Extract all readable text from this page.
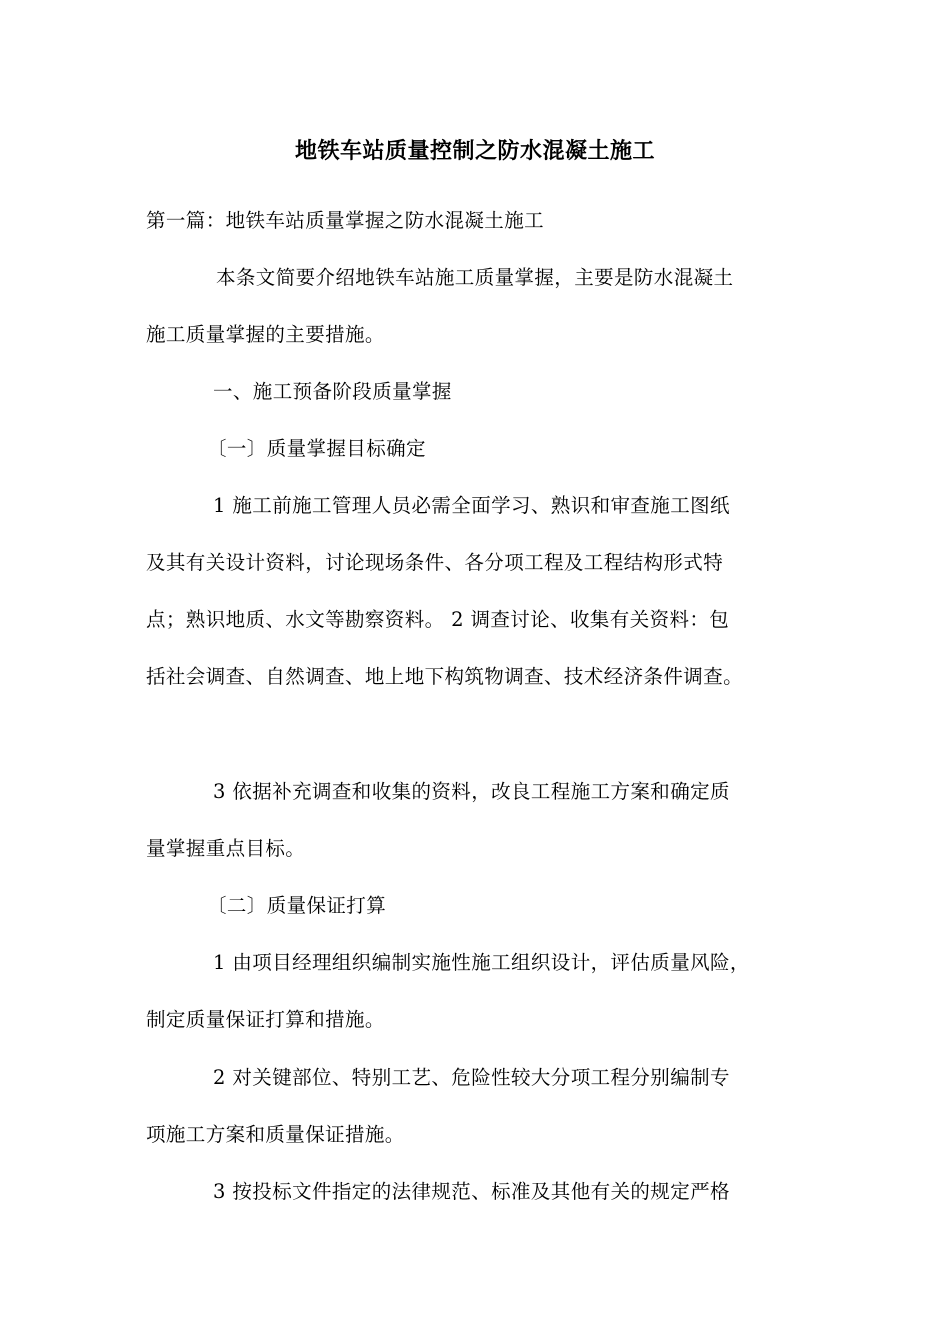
地铁车站质量控制之防水混凝土施工
第一篇：地铁车站质量掌握之防水混凝土施工
本条文简要介绍地铁车站施工质量掌握，主要是防水混凝土
施工质量掌握的主要措施。
一、施工预备阶段质量掌握
〔一〕质量掌握目标确定
1 施工前施工管理人员必需全面学习、熟识和审查施工图纸
及其有关设计资料，讨论现场条件、各分项工程及工程结构形式特
点；熟识地质、水文等勘察资料。 2 调查讨论、收集有关资料：包
括社会调查、自然调查、地上地下构筑物调查、技术经济条件调查。
3 依据补充调查和收集的资料，改良工程施工方案和确定质
量掌握重点目标。
〔二〕质量保证打算
1 由项目经理组织编制实施性施工组织设计，评估质量风险，
制定质量保证打算和措施。
2 对关键部位、特别工艺、危险性较大分项工程分别编制专
项施工方案和质量保证措施。
3 按投标文件指定的法律规范、标准及其他有关的规定严格
